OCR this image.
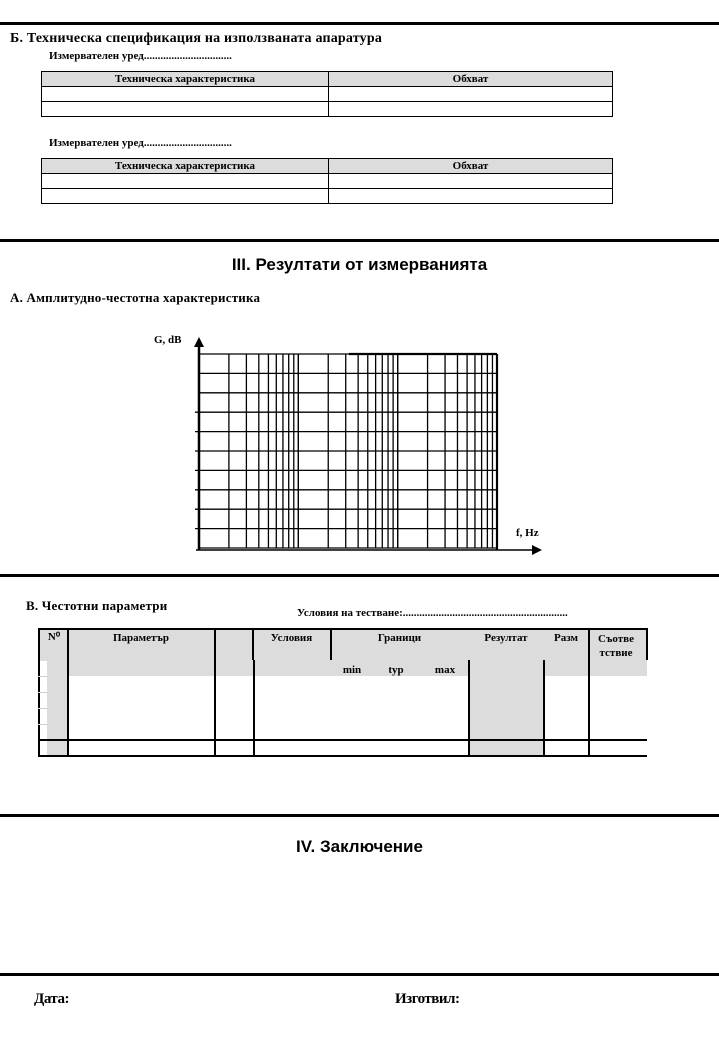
Б. Техническа спецификация на използваната апаратура
Измервателен уред................................
Техническа характеристика	Обхват

Измервателен уред................................
Техническа характеристика	Обхват

III. Резултати от измерванията
А. Амплитудно-честотна характеристика
G, dB
f, Hz
В. Честотни параметри	Условия на тестване:............................................................
N⁰	Параметър	Условия	Граници	Резултат	Разм	Съотве тствие
min	typ	max
IV. Заключение
Дата:	Изготвил:
